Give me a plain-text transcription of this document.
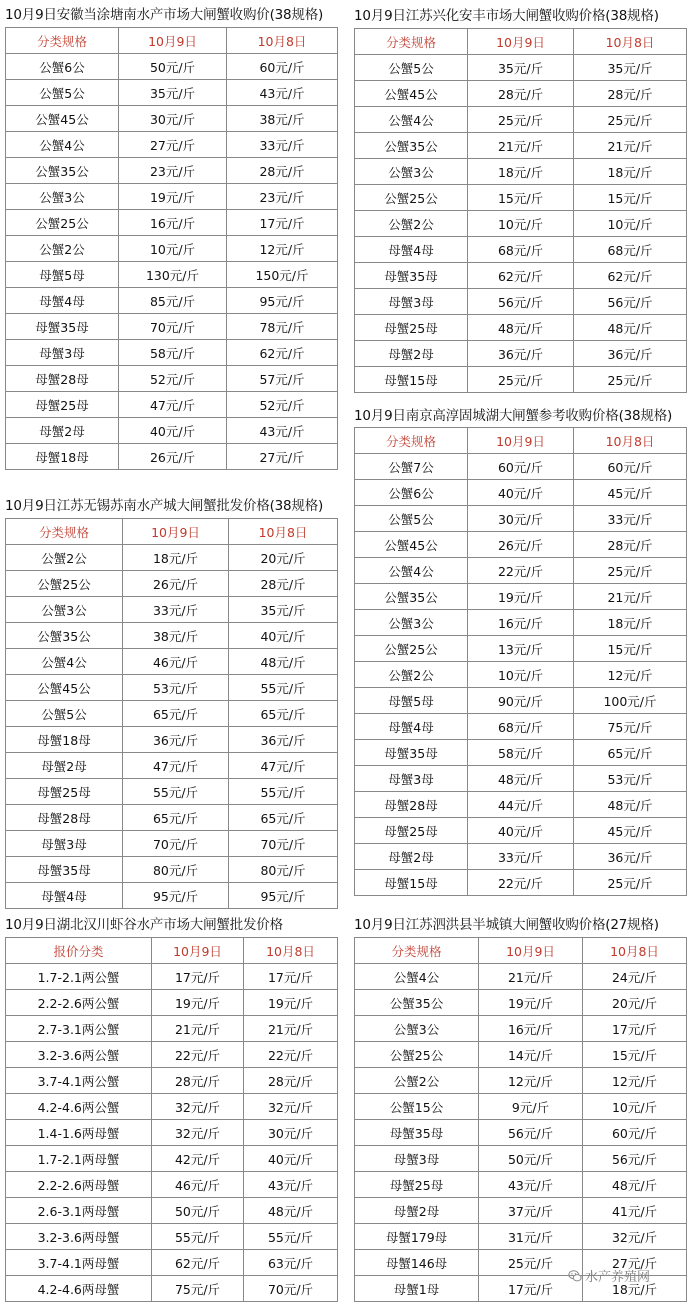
10月9日安徽当涂塘南水产市场大闸蟹收购价(38规格)
分类规格	10月9日	10月8日
公蟹6公	50元/斤	60元/斤
公蟹5公	35元/斤	43元/斤
公蟹45公	30元/斤	38元/斤
公蟹4公	27元/斤	33元/斤
公蟹35公	23元/斤	28元/斤
公蟹3公	19元/斤	23元/斤
公蟹25公	16元/斤	17元/斤
公蟹2公	10元/斤	12元/斤
母蟹5母	130元/斤	150元/斤
母蟹4母	85元/斤	95元/斤
母蟹35母	70元/斤	78元/斤
母蟹3母	58元/斤	62元/斤
母蟹28母	52元/斤	57元/斤
母蟹25母	47元/斤	52元/斤
母蟹2母	40元/斤	43元/斤
母蟹18母	26元/斤	27元/斤
10月9日江苏兴化安丰市场大闸蟹收购价格(38规格)
分类规格	10月9日	10月8日
公蟹5公	35元/斤	35元/斤
公蟹45公	28元/斤	28元/斤
公蟹4公	25元/斤	25元/斤
公蟹35公	21元/斤	21元/斤
公蟹3公	18元/斤	18元/斤
公蟹25公	15元/斤	15元/斤
公蟹2公	10元/斤	10元/斤
母蟹4母	68元/斤	68元/斤
母蟹35母	62元/斤	62元/斤
母蟹3母	56元/斤	56元/斤
母蟹25母	48元/斤	48元/斤
母蟹2母	36元/斤	36元/斤
母蟹15母	25元/斤	25元/斤
10月9日南京高淳固城湖大闸蟹参考收购价格(38规格)
分类规格	10月9日	10月8日
公蟹7公	60元/斤	60元/斤
公蟹6公	40元/斤	45元/斤
公蟹5公	30元/斤	33元/斤
公蟹45公	26元/斤	28元/斤
公蟹4公	22元/斤	25元/斤
公蟹35公	19元/斤	21元/斤
公蟹3公	16元/斤	18元/斤
公蟹25公	13元/斤	15元/斤
公蟹2公	10元/斤	12元/斤
母蟹5母	90元/斤	100元/斤
母蟹4母	68元/斤	75元/斤
母蟹35母	58元/斤	65元/斤
母蟹3母	48元/斤	53元/斤
母蟹28母	44元/斤	48元/斤
母蟹25母	40元/斤	45元/斤
母蟹2母	33元/斤	36元/斤
母蟹15母	22元/斤	25元/斤
10月9日江苏无锡苏南水产城大闸蟹批发价格(38规格)
分类规格	10月9日	10月8日
公蟹2公	18元/斤	20元/斤
公蟹25公	26元/斤	28元/斤
公蟹3公	33元/斤	35元/斤
公蟹35公	38元/斤	40元/斤
公蟹4公	46元/斤	48元/斤
公蟹45公	53元/斤	55元/斤
公蟹5公	65元/斤	65元/斤
母蟹18母	36元/斤	36元/斤
母蟹2母	47元/斤	47元/斤
母蟹25母	55元/斤	55元/斤
母蟹28母	65元/斤	65元/斤
母蟹3母	70元/斤	70元/斤
母蟹35母	80元/斤	80元/斤
母蟹4母	95元/斤	95元/斤
10月9日湖北汉川虾谷水产市场大闸蟹批发价格
报价分类	10月9日	10月8日
1.7-2.1两公蟹	17元/斤	17元/斤
2.2-2.6两公蟹	19元/斤	19元/斤
2.7-3.1两公蟹	21元/斤	21元/斤
3.2-3.6两公蟹	22元/斤	22元/斤
3.7-4.1两公蟹	28元/斤	28元/斤
4.2-4.6两公蟹	32元/斤	32元/斤
1.4-1.6两母蟹	32元/斤	30元/斤
1.7-2.1两母蟹	42元/斤	40元/斤
2.2-2.6两母蟹	46元/斤	43元/斤
2.6-3.1两母蟹	50元/斤	48元/斤
3.2-3.6两母蟹	55元/斤	55元/斤
3.7-4.1两母蟹	62元/斤	63元/斤
4.2-4.6两母蟹	75元/斤	70元/斤
10月9日江苏泗洪县半城镇大闸蟹收购价格(27规格)
分类规格	10月9日	10月8日
公蟹4公	21元/斤	24元/斤
公蟹35公	19元/斤	20元/斤
公蟹3公	16元/斤	17元/斤
公蟹25公	14元/斤	15元/斤
公蟹2公	12元/斤	12元/斤
公蟹15公	9元/斤	10元/斤
母蟹35母	56元/斤	60元/斤
母蟹3母	50元/斤	56元/斤
母蟹25母	43元/斤	48元/斤
母蟹2母	37元/斤	41元/斤
母蟹179母	31元/斤	32元/斤
母蟹146母	25元/斤	27元/斤
母蟹1母	17元/斤	18元/斤
水产养殖网
